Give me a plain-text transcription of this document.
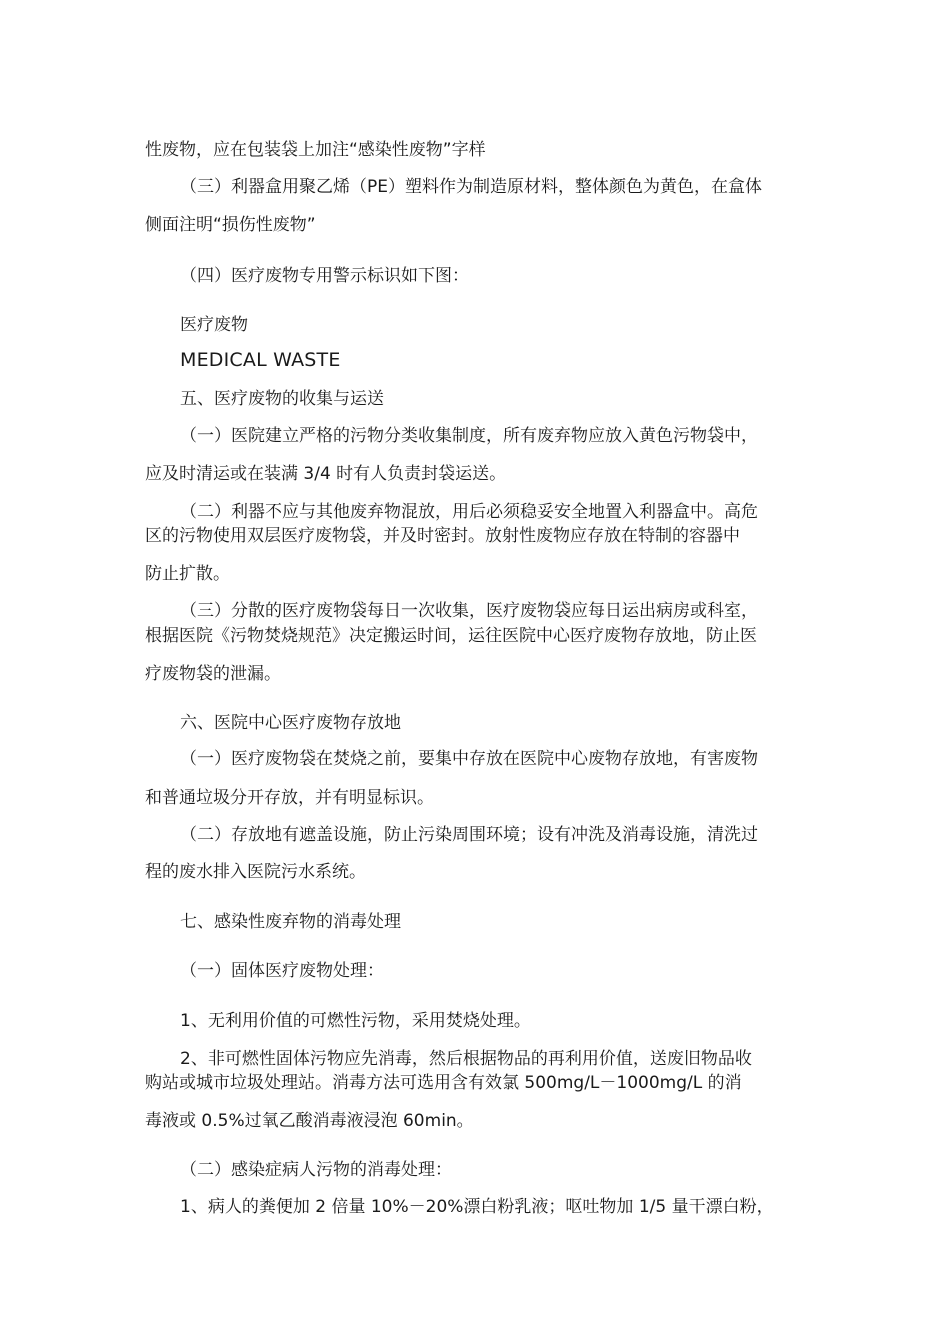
性废物，应在包装袋上加注“感染性废物”字样
（三）利器盒用聚乙烯（PE）塑料作为制造原材料，整体颜色为黄色，在盒体
侧面注明“损伤性废物”
（四）医疗废物专用警示标识如下图：
医疗废物
MEDICAL WASTE
五、医疗废物的收集与运送
（一）医院建立严格的污物分类收集制度，所有废弃物应放入黄色污物袋中，
应及时清运或在装满 3/4 时有人负责封袋运送。
（二）利器不应与其他废弃物混放，用后必须稳妥安全地置入利器盒中。高危
区的污物使用双层医疗废物袋，并及时密封。放射性废物应存放在特制的容器中
防止扩散。
（三）分散的医疗废物袋每日一次收集，医疗废物袋应每日运出病房或科室，
根据医院《污物焚烧规范》决定搬运时间，运往医院中心医疗废物存放地，防止医
疗废物袋的泄漏。
六、医院中心医疗废物存放地
（一）医疗废物袋在焚烧之前，要集中存放在医院中心废物存放地，有害废物
和普通垃圾分开存放，并有明显标识。
（二）存放地有遮盖设施，防止污染周围环境；设有冲洗及消毒设施，清洗过
程的废水排入医院污水系统。
七、感染性废弃物的消毒处理
（一）固体医疗废物处理：
1、无利用价值的可燃性污物，采用焚烧处理。
2、非可燃性固体污物应先消毒，然后根据物品的再利用价值，送废旧物品收
购站或城市垃圾处理站。消毒方法可选用含有效氯 500mg/L－1000mg/L 的消
毒液或 0.5%过氧乙酸消毒液浸泡 60min。
（二）感染症病人污物的消毒处理：
1、病人的粪便加 2 倍量 10%－20%漂白粉乳液；呕吐物加 1/5 量干漂白粉，
